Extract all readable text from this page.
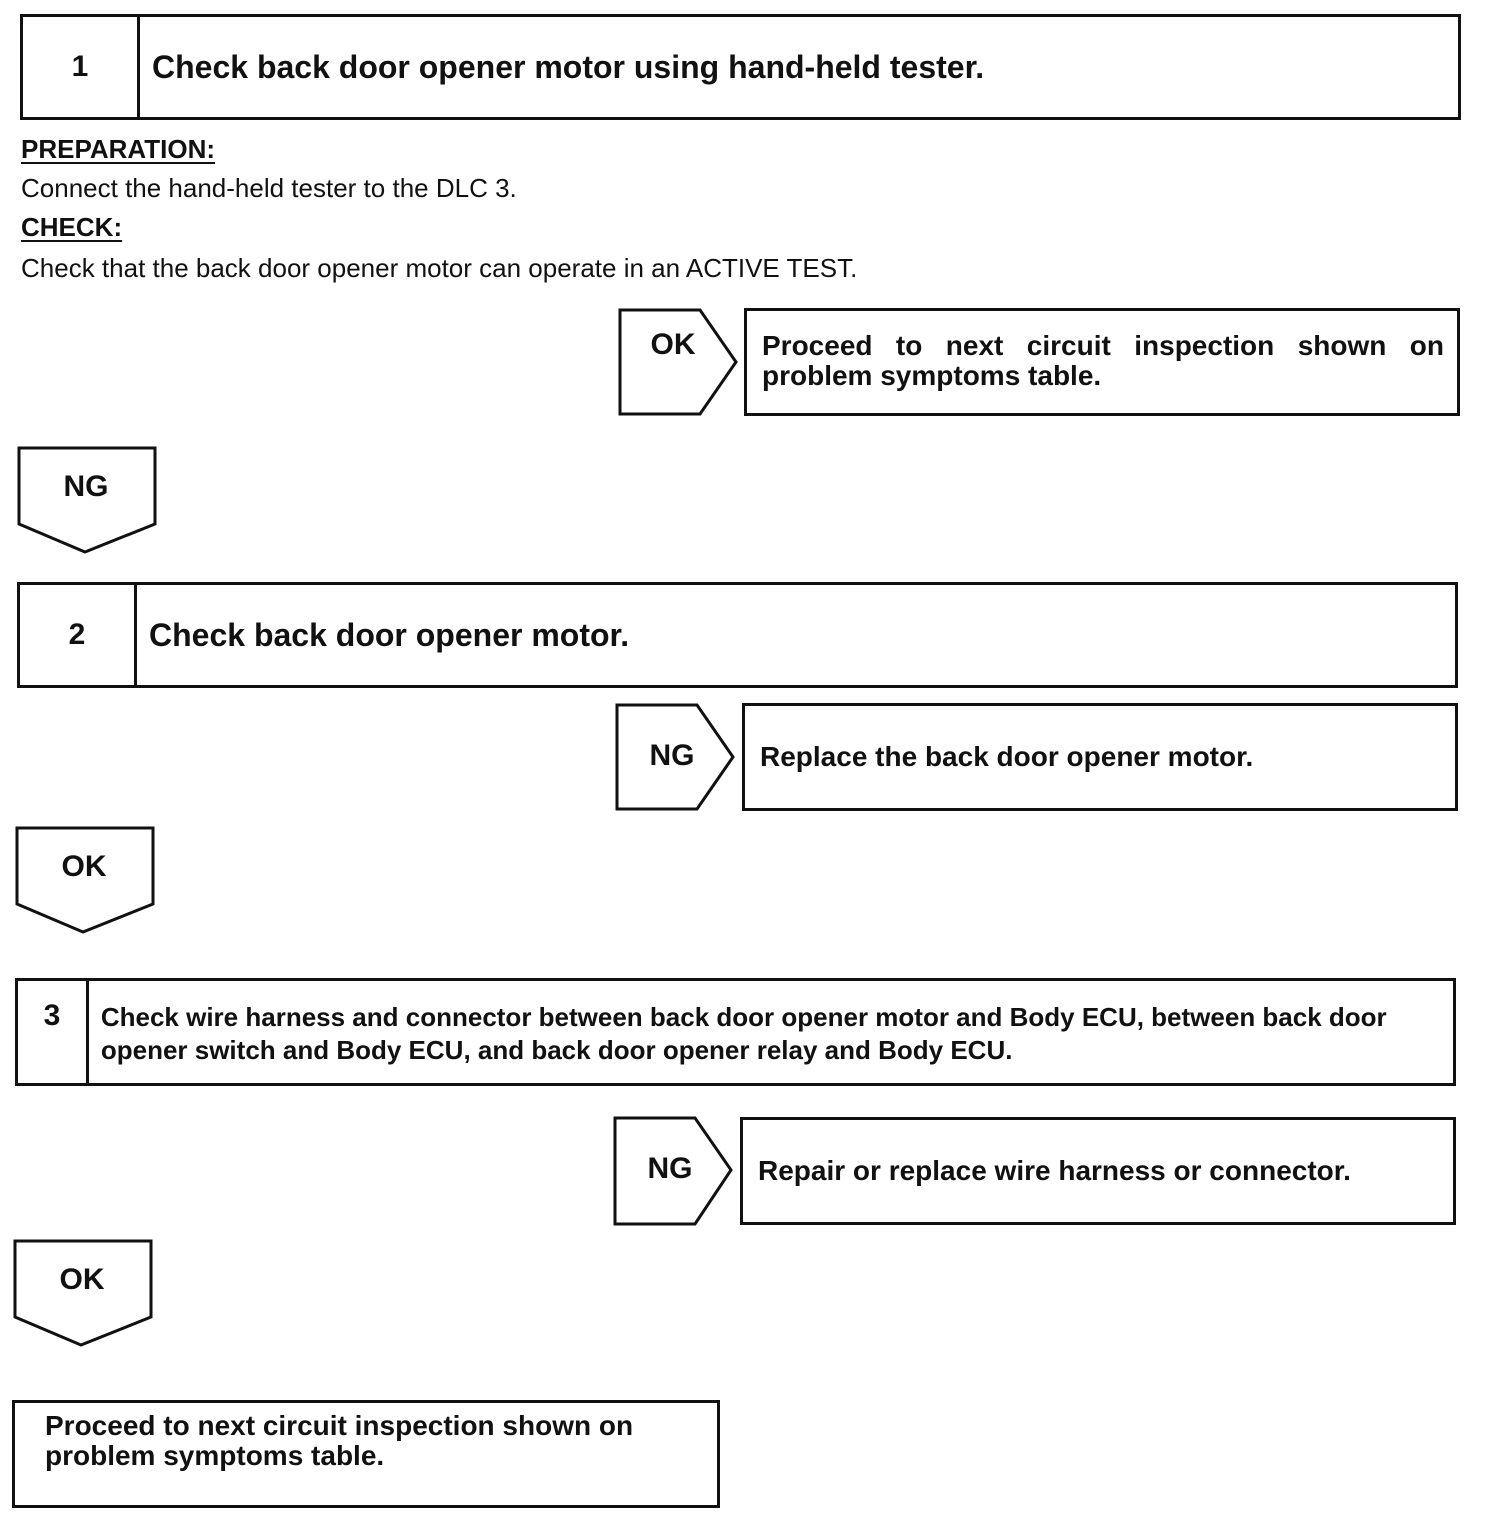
1	Check back door opener motor using hand-held tester.
PREPARATION:
Connect the hand-held tester to the DLC 3.
CHECK:
Check that the back door opener motor can operate in an ACTIVE TEST.
OK	Proceed to next circuit inspection shown on problem symptoms table.
NG
2	Check back door opener motor.
NG	Replace the back door opener motor.
OK
3	Check wire harness and connector between back door opener motor and Body ECU, between back door opener switch and Body ECU, and back door opener relay and Body ECU.
NG	Repair or replace wire harness or connector.
OK
Proceed to next circuit inspection shown on problem symptoms table.
